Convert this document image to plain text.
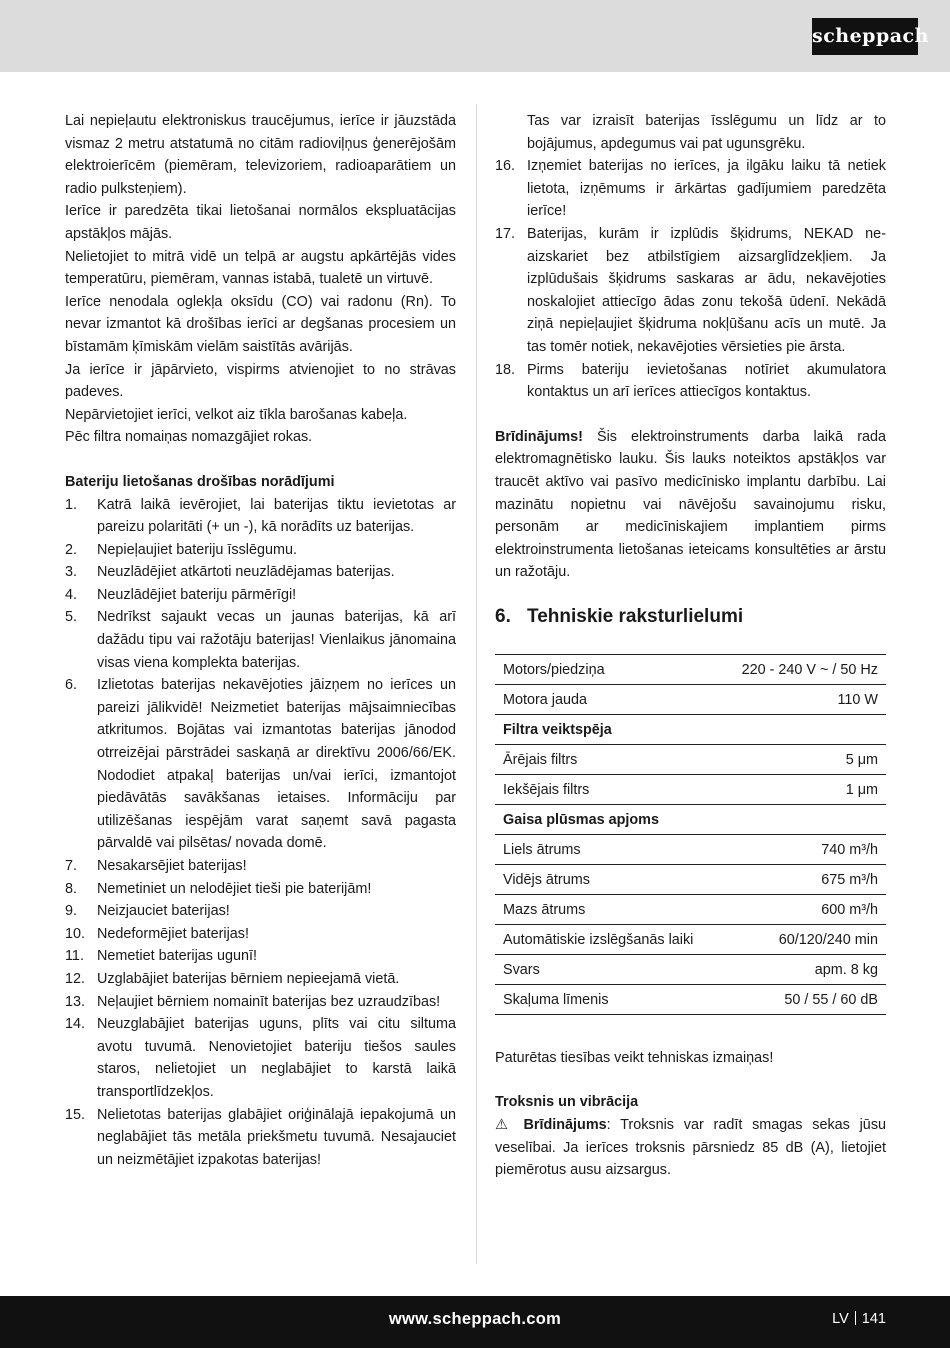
scheppach

Lai nepieļautu elektroniskus traucējumus, ierīce ir jāuzstāda vismaz 2 metru atstatumā no citām radioviļņus ģenerējošām elektroierīcēm (piemēram, televizoriem, radioaparātiem un radio pulksteņiem).

Ierīce ir paredzēta tikai lietošanai normālos ekspluatācijas apstākļos mājās.

Nelietojiet to mitrā vidē un telpā ar augstu apkārtējās vides temperatūru, piemēram, vannas istabā, tualetē un virtuvē.

Ierīce nenodala oglekļa oksīdu (CO) vai radonu (Rn). To nevar izmantot kā drošības ierīci ar degšanas procesiem un bīstamām ķīmiskām vielām saistītās avārijās.

Ja ierīce ir jāpārvieto, vispirms atvienojiet to no strāvas padeves.

Nepārvietojiet ierīci, velkot aiz tīkla barošanas kabeļa.

Pēc filtra nomaiņas nomazgājiet rokas.

Bateriju lietošanas drošības norādījumi

1.	Katrā laikā ievērojiet, lai baterijas tiktu ievietotas ar pareizu polaritāti (+ un -), kā norādīts uz baterijas.
2.	Nepieļaujiet bateriju īsslēgumu.
3.	Neuzlādējiet atkārtoti neuzlādējamas baterijas.
4.	Neuzlādējiet bateriju pārmērīgi!
5.	Nedrīkst sajaukt vecas un jaunas baterijas, kā arī dažādu tipu vai ražotāju baterijas! Vienlaikus jānomaina visas viena komplekta baterijas.
6.	Izlietotas baterijas nekavējoties jāizņem no ierīces un pareizi jālikvidē! Neizmetiet baterijas mājsaimniecības atkritumos. Bojātas vai izmantotas baterijas jānodod otrreizējai pārstrādei saskaņā ar direktīvu 2006/66/EK. Nododiet atpakaļ baterijas un/vai ierīci, izmantojot piedāvātās savākšanas ietaises. Informāciju par utilizēšanas iespējām varat saņemt savā pagasta pārvaldē vai pilsētas/ novada domē.
7.	Nesakarsējiet baterijas!
8.	Nemetiniet un nelodējiet tieši pie baterijām!
9.	Neizjauciet baterijas!
10. Nedeformējiet baterijas!
11. Nemetiet baterijas ugunī!
12. Uzglabājiet baterijas bērniem nepieejamā vietā.
13. Neļaujiet bērniem nomainīt baterijas bez uzraudzības!
14. Neuzglabājiet baterijas uguns, plīts vai citu siltuma avotu tuvumā. Nenovietojiet bateriju tiešos saules staros, nelietojiet un neglabājiet to karstā laikā transportlīdzekļos.
15. Nelietotas baterijas glabājiet oriģinālajā iepakojumā un neglabājiet tās metāla priekšmetu tuvumā. Nesajauciet un neizmētājiet izpakotas baterijas!
Tas var izraisīt baterijas īsslēgumu un līdz ar to bojājumus, apdegumus vai pat ugunsgrēku.
16. Izņemiet baterijas no ierīces, ja ilgāku laiku tā netiek lietota, izņēmums ir ārkārtas gadījumiem paredzēta ierīce!
17. Baterijas, kurām ir izplūdis šķidrums, NEKAD neaizskariet bez atbilstīgiem aizsarglīdzekļiem. Ja izplūdušais šķidrums saskaras ar ādu, nekavējoties noskalojiet attiecīgo ādas zonu tekošā ūdenī. Nekādā ziņā nepieļaujiet šķidruma nokļūšanu acīs un mutē. Ja tas tomēr notiek, nekavējoties vērsieties pie ārsta.
18. Pirms bateriju ievietošanas notīriet akumulatora kontaktus un arī ierīces attiecīgos kontaktus.

Brīdinājums! Šis elektroinstruments darba laikā rada elektromagnētisko lauku. Šis lauks noteiktos apstākļos var traucēt aktīvo vai pasīvo medicīnisko implantu darbību. Lai mazinātu nopietnu vai nāvējošu savainojumu risku, personām ar medicīniskajiem implantiem pirms elektroinstrumenta lietošanas ieteicams konsultēties ar ārstu un ražotāju.

6. Tehniskie raksturlielumi

Motors/piedziņa	220 - 240 V ~ / 50 Hz
Motora jauda	110 W
Filtra veiktspēja	
Ārējais filtrs	5 μm
Iekšējais filtrs	1 μm
Gaisa plūsmas apjoms	
Liels ātrums	740 m³/h
Vidējs ātrums	675 m³/h
Mazs ātrums	600 m³/h
Automātiskie izslēgšanās laiki	60/120/240 min
Svars	apm. 8 kg
Skaļuma līmenis	50 / 55 / 60 dB

Paturētas tiesības veikt tehniskas izmaiņas!

Troksnis un vibrācija

⚠ Brīdinājums: Troksnis var radīt smagas sekas jūsu veselībai. Ja ierīces troksnis pārsniedz 85 dB (A), lietojiet piemērotus ausu aizsargus.

www.scheppach.com	LV 141
